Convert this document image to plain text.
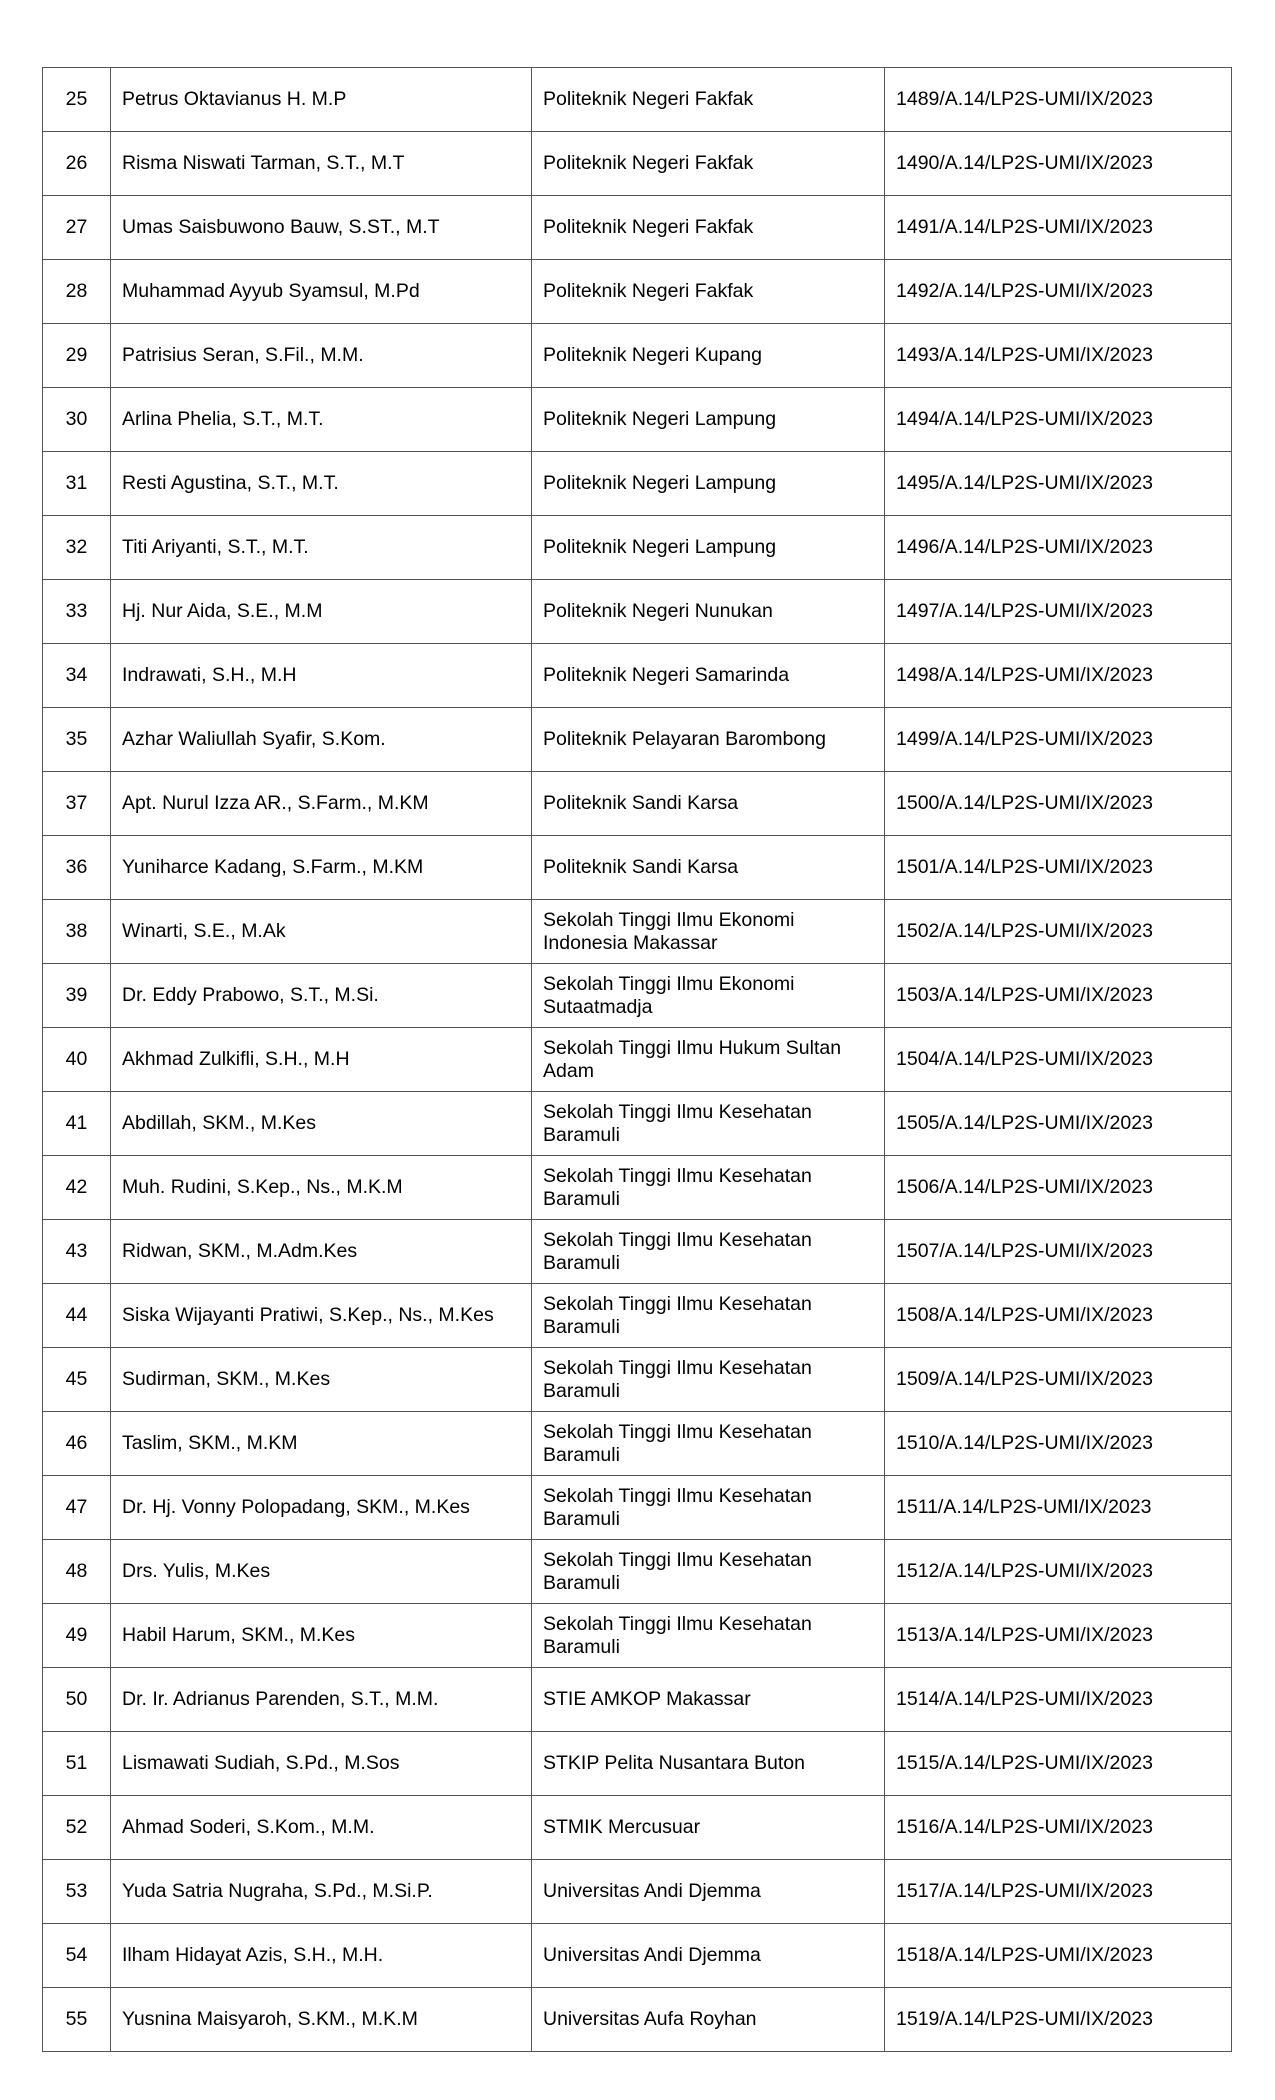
25	Petrus Oktavianus H. M.P	Politeknik Negeri Fakfak	1489/A.14/LP2S-UMI/IX/2023
26	Risma Niswati Tarman, S.T., M.T	Politeknik Negeri Fakfak	1490/A.14/LP2S-UMI/IX/2023
27	Umas Saisbuwono Bauw, S.ST., M.T	Politeknik Negeri Fakfak	1491/A.14/LP2S-UMI/IX/2023
28	Muhammad Ayyub Syamsul, M.Pd	Politeknik Negeri Fakfak	1492/A.14/LP2S-UMI/IX/2023
29	Patrisius Seran, S.Fil., M.M.	Politeknik Negeri Kupang	1493/A.14/LP2S-UMI/IX/2023
30	Arlina Phelia, S.T., M.T.	Politeknik Negeri Lampung	1494/A.14/LP2S-UMI/IX/2023
31	Resti Agustina, S.T., M.T.	Politeknik Negeri Lampung	1495/A.14/LP2S-UMI/IX/2023
32	Titi Ariyanti, S.T., M.T.	Politeknik Negeri Lampung	1496/A.14/LP2S-UMI/IX/2023
33	Hj. Nur Aida, S.E., M.M	Politeknik Negeri Nunukan	1497/A.14/LP2S-UMI/IX/2023
34	Indrawati, S.H., M.H	Politeknik Negeri Samarinda	1498/A.14/LP2S-UMI/IX/2023
35	Azhar Waliullah Syafir, S.Kom.	Politeknik Pelayaran Barombong	1499/A.14/LP2S-UMI/IX/2023
37	Apt. Nurul Izza AR., S.Farm., M.KM	Politeknik Sandi Karsa	1500/A.14/LP2S-UMI/IX/2023
36	Yuniharce Kadang, S.Farm., M.KM	Politeknik Sandi Karsa	1501/A.14/LP2S-UMI/IX/2023
38	Winarti, S.E., M.Ak	Sekolah Tinggi Ilmu Ekonomi Indonesia Makassar	1502/A.14/LP2S-UMI/IX/2023
39	Dr. Eddy Prabowo, S.T., M.Si.	Sekolah Tinggi Ilmu Ekonomi Sutaatmadja	1503/A.14/LP2S-UMI/IX/2023
40	Akhmad Zulkifli, S.H., M.H	Sekolah Tinggi Ilmu Hukum Sultan Adam	1504/A.14/LP2S-UMI/IX/2023
41	Abdillah, SKM., M.Kes	Sekolah Tinggi Ilmu Kesehatan Baramuli	1505/A.14/LP2S-UMI/IX/2023
42	Muh. Rudini, S.Kep., Ns., M.K.M	Sekolah Tinggi Ilmu Kesehatan Baramuli	1506/A.14/LP2S-UMI/IX/2023
43	Ridwan, SKM., M.Adm.Kes	Sekolah Tinggi Ilmu Kesehatan Baramuli	1507/A.14/LP2S-UMI/IX/2023
44	Siska Wijayanti Pratiwi, S.Kep., Ns., M.Kes	Sekolah Tinggi Ilmu Kesehatan Baramuli	1508/A.14/LP2S-UMI/IX/2023
45	Sudirman, SKM., M.Kes	Sekolah Tinggi Ilmu Kesehatan Baramuli	1509/A.14/LP2S-UMI/IX/2023
46	Taslim, SKM., M.KM	Sekolah Tinggi Ilmu Kesehatan Baramuli	1510/A.14/LP2S-UMI/IX/2023
47	Dr. Hj. Vonny Polopadang, SKM., M.Kes	Sekolah Tinggi Ilmu Kesehatan Baramuli	1511/A.14/LP2S-UMI/IX/2023
48	Drs. Yulis, M.Kes	Sekolah Tinggi Ilmu Kesehatan Baramuli	1512/A.14/LP2S-UMI/IX/2023
49	Habil Harum, SKM., M.Kes	Sekolah Tinggi Ilmu Kesehatan Baramuli	1513/A.14/LP2S-UMI/IX/2023
50	Dr. Ir. Adrianus Parenden, S.T., M.M.	STIE AMKOP Makassar	1514/A.14/LP2S-UMI/IX/2023
51	Lismawati Sudiah, S.Pd., M.Sos	STKIP Pelita Nusantara Buton	1515/A.14/LP2S-UMI/IX/2023
52	Ahmad Soderi, S.Kom., M.M.	STMIK Mercusuar	1516/A.14/LP2S-UMI/IX/2023
53	Yuda Satria Nugraha, S.Pd., M.Si.P.	Universitas Andi Djemma	1517/A.14/LP2S-UMI/IX/2023
54	Ilham Hidayat Azis, S.H., M.H.	Universitas Andi Djemma	1518/A.14/LP2S-UMI/IX/2023
55	Yusnina Maisyaroh, S.KM., M.K.M	Universitas Aufa Royhan	1519/A.14/LP2S-UMI/IX/2023
